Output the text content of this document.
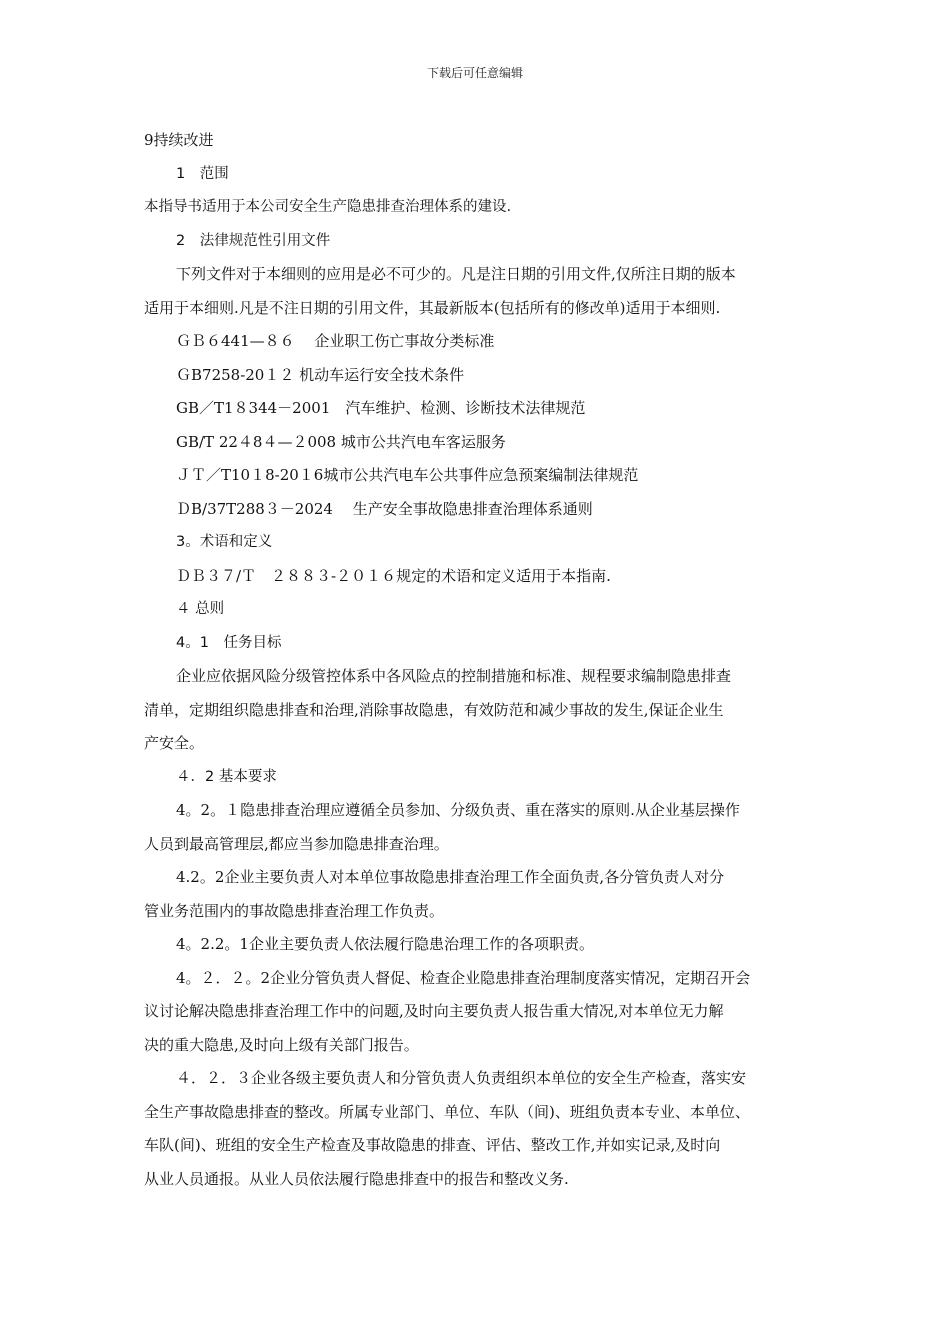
下载后可任意编辑
9持续改进
1　范围
本指导书适用于本公司安全生产隐患排查治理体系的建设.
2　法律规范性引用文件
下列文件对于本细则的应用是必不可少的。凡是注日期的引用文件,仅所注日期的版本
适用于本细则.凡是不注日期的引用文件，其最新版本(包括所有的修改单)适用于本细则.
ＧＢ６441—８６　 企业职工伤亡事故分类标准
ＧB7258-20１２ 机动车运行安全技术条件
GB／T1８344－2001　汽车维护、检测、诊断技术法律规范
GB/T 22４8４—２008 城市公共汽电车客运服务
ＪＴ／T10１8-20１6城市公共汽电车公共事件应急预案编制法律规范
ＤB/37T288３－2024　 生产安全事故隐患排查治理体系通则
3。术语和定义
ＤＢ３７/Ｔ　２８８３-２０１６规定的术语和定义适用于本指南.
４ 总则
4。1　任务目标
企业应依据风险分级管控体系中各风险点的控制措施和标准、规程要求编制隐患排查
清单，定期组织隐患排查和治理,消除事故隐患，有效防范和减少事故的发生,保证企业生
产安全。
４．2 基本要求
4。2。１隐患排查治理应遵循全员参加、分级负责、重在落实的原则.从企业基层操作
人员到最高管理层,都应当参加隐患排查治理。
4.2。2企业主要负责人对本单位事故隐患排查治理工作全面负责,各分管负责人对分
管业务范围内的事故隐患排查治理工作负责。
4。2.2。1企业主要负责人依法履行隐患治理工作的各项职责。
4。２．２。2企业分管负责人督促、检查企业隐患排查治理制度落实情况，定期召开会
议讨论解决隐患排查治理工作中的问题,及时向主要负责人报告重大情况,对本单位无力解
决的重大隐患,及时向上级有关部门报告。
４．２．３企业各级主要负责人和分管负责人负责组织本单位的安全生产检查，落实安
全生产事故隐患排查的整改。所属专业部门、单位、车队（间)、班组负责本专业、本单位、
车队(间)、班组的安全生产检查及事故隐患的排查、评估、整改工作,并如实记录,及时向
从业人员通报。从业人员依法履行隐患排查中的报告和整改义务.
